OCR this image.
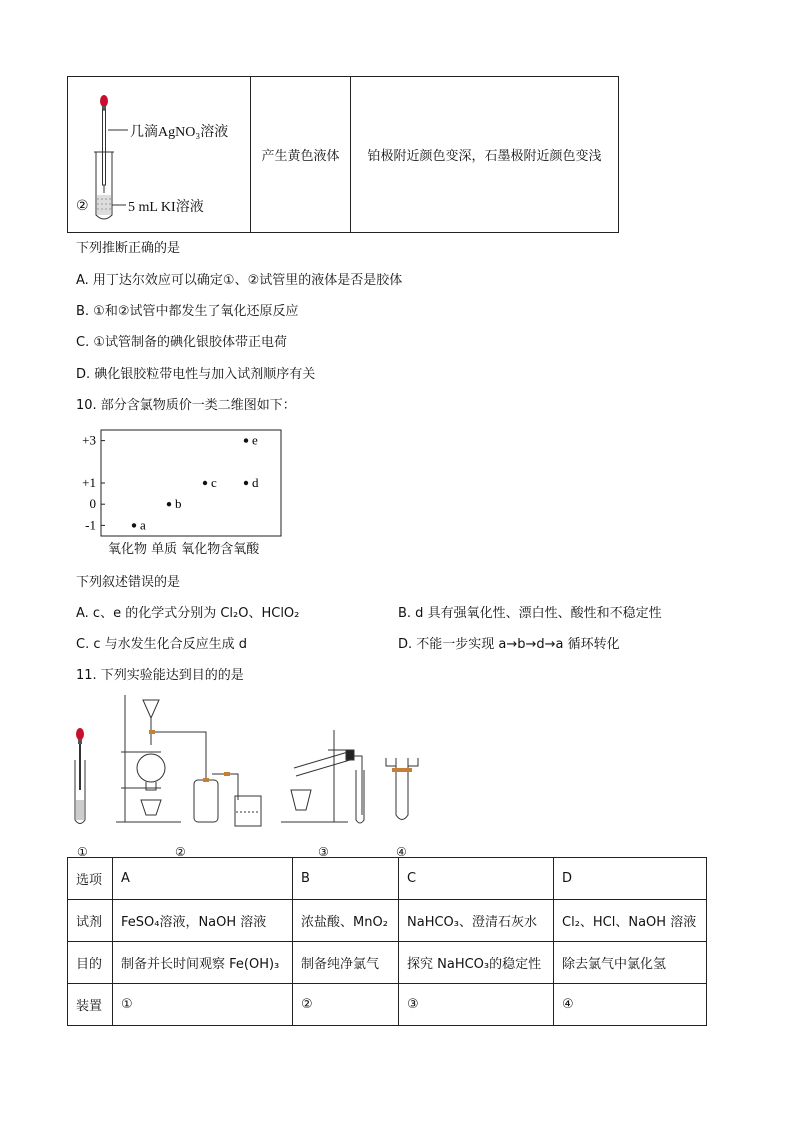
几滴AgNO₃溶液
5 mL KI溶液
②
	产生黄色液体	铂极附近颜色变深，石墨极附近颜色变浅
下列推断正确的是
A. 用丁达尔效应可以确定①、②试管里的液体是否是胶体
B. ①和②试管中都发生了氧化还原反应
C. ①试管制备的碘化银胶体带正电荷
D. 碘化银胶粒带电性与加入试剂顺序有关
10. 部分含氯物质价一类二维图如下：
+3
+1
0
-1	a
b
c	d
e
氧化物 单质 氧化物含氧酸
下列叙述错误的是
A. c、e 的化学式分别为 Cl₂O、HClO₂	B. d 具有强氧化性、漂白性、酸性和不稳定性
C. c 与水发生化合反应生成 d	D. 不能一步实现 a→b→d→a 循环转化
11. 下列实验能达到目的的是
①	②	③	④
选项	A	B	C	D
试剂	FeSO₄溶液，NaOH 溶液	浓盐酸、MnO₂	NaHCO₃、澄清石灰水	Cl₂、HCl、NaOH 溶液
目的	制备并长时间观察 Fe(OH)₃	制备纯净氯气	探究 NaHCO₃的稳定性	除去氯气中氯化氢
装置	①	②	③	④
